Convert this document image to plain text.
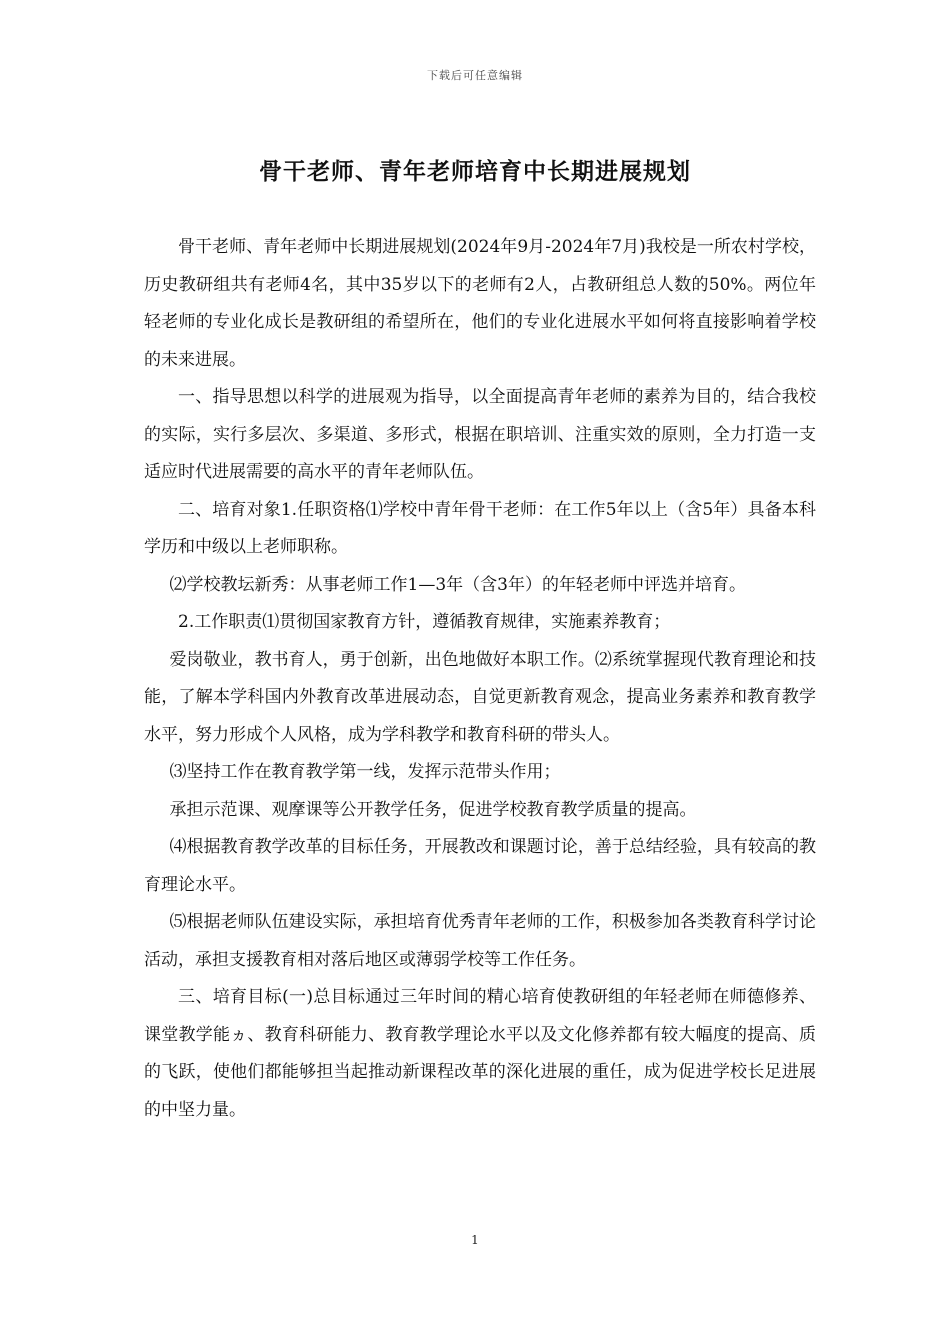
下载后可任意编辑
骨干老师、青年老师培育中长期进展规划

骨干老师、青年老师中长期进展规划(2024年9月-2024年7月)我校是一所农村学校，历史教研组共有老师4名，其中35岁以下的老师有2人，占教研组总人数的50%。两位年轻老师的专业化成长是教研组的希望所在，他们的专业化进展水平如何将直接影响着学校的未来进展。

一、指导思想以科学的进展观为指导，以全面提高青年老师的素养为目的，结合我校的实际，实行多层次、多渠道、多形式，根据在职培训、注重实效的原则，全力打造一支适应时代进展需要的高水平的青年老师队伍。

二、培育对象1.任职资格⑴学校中青年骨干老师：在工作5年以上（含5年）具备本科学历和中级以上老师职称。

⑵学校教坛新秀：从事老师工作1—3年（含3年）的年轻老师中评选并培育。

2.工作职责⑴贯彻国家教育方针，遵循教育规律，实施素养教育；

爱岗敬业，教书育人，勇于创新，出色地做好本职工作。⑵系统掌握现代教育理论和技能，了解本学科国内外教育改革进展动态，自觉更新教育观念，提高业务素养和教育教学水平，努力形成个人风格，成为学科教学和教育科研的带头人。

⑶坚持工作在教育教学第一线，发挥示范带头作用；

承担示范课、观摩课等公开教学任务，促进学校教育教学质量的提高。

⑷根据教育教学改革的目标任务，开展教改和课题讨论，善于总结经验，具有较高的教育理论水平。

⑸根据老师队伍建设实际，承担培育优秀青年老师的工作，积极参加各类教育科学讨论活动，承担支援教育相对落后地区或薄弱学校等工作任务。

三、培育目标(一)总目标通过三年时间的精心培育使教研组的年轻老师在师德修养、课堂教学能ヵ、教育科研能力、教育教学理论水平以及文化修养都有较大幅度的提高、质的飞跃，使他们都能够担当起推动新课程改革的深化进展的重任，成为促进学校长足进展的中坚力量。

1
